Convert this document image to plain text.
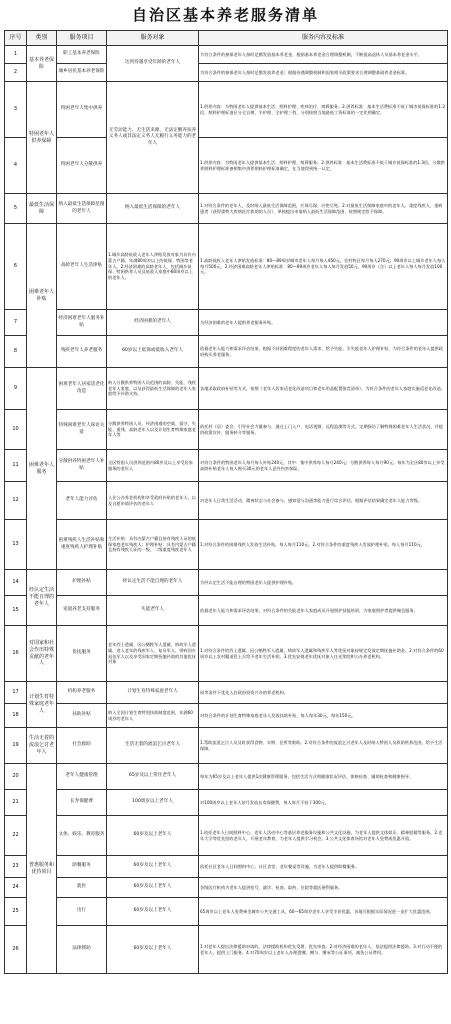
自治区基本养老服务清单
序号	类别	服务项目	服务对象	服务内容及标准
1	基本养老保险	职工基本养老保险	达到待遇享受年龄的老年人	为符合条件的参保老年人按时足额发放基本养老金，根据基本养老金合理调整机制，不断提高退休人员基本养老金水平。
2		城乡居民基本养老保险		为符合条件的参保老年人按时足额发放养老金；根据待遇调整机制和国家相关政策要求合理调整基础养老金标准。
3	特困老年人供养保障	特困老年人集中供养	无劳动能力、无生活来源、无法定赡养扶养义务人或其法定义务人无履行义务能力的老年人	1.供养内容：为特困老年人提供基本生活、照料护理、疾病治疗、殡葬服务。2.供养标准：基本生活费标准不低于城市低保标准的1.3倍，照料护理标准区分全自理、半护理、全护理三档，分别按照当地最低工资标准的一定比例确定。
4		特困老年人分散供养		1.供养内容：为特困老年人提供基本生活、照料护理、殡葬服务。2.供养标准：基本生活费标准不低于城乡低保标准的1.3倍，分散供养照料护理标准参照集中供养照料护理标准确定，在当地得到统一认定。
5	最低生活保障	纳入最低生活保障范围的老年人	纳入最低生活保障的老年人	1.对符合条件的老年人，及时纳入最低生活保障范围，应保尽保、应兜尽兜。2.对最低生活保障家庭中的老年人、重度残疾人、重病患者（获得重特大疾病医疗救助的人员），单独提出申请纳入最低生活保障范围，按照规定给予保障。
6	困难老年人补贴	高龄老年人生活津贴	1.城乡高龄低收入老年人津贴发放对象为具有内蒙古户籍、年满80周岁以上的低保、特困等老年人。2.经济困难的高龄老年人，包括城乡低保、特困供养人员及低收入家庭中80周岁以上的老年人。	1.高龄低收入老年人津贴发放标准：80—89周岁城市老年人每月每人450元，农村牧区每月每人270元；90周岁以上城乡老年人每人每月500元。2.经济困难高龄老年人津贴标准：80—89周岁老年人每人每月发放50元，90周岁（含）以上老年人每人每月发放100元。
7		经济困难老年人服务补贴	经济困难的老年人	为经济困难的老年人提供养老服务补贴。
8		残疾老年人养老服务	60岁以上低保或低收入老年人	依据老年人能力和需求评估结果，根据不同困难程度的老年人需求，给予失能、半失能老年人护理补贴，为符合条件的老年人提供政府购买养老服务。
9	困难老年人服务	困难老年人居家适老化改造	纳入分散供养特困人员范围的高龄、失能、残疾老年人家庭，以及获得最低生活保障的老年人家庭给予补助支持。	各地采取政府补贴等方式，按照《老年人居家适老化改造项目和老年用品配置推荐清单》，为符合条件的老年人家庭实施适老化改造。
10		特殊困难老年人探访关爱	分散供养特困人员，经济困难的空巢、留守、失能、重残、高龄老年人以及计划生育特殊家庭老年人等	依托村（居）委会、引导社会力量参与，通过上门入户、电话视频、远程监测等方式，定期探访了解特殊困难老年人生活状况，并提供政策宣传、服务转介等服务。
11		分散供养特困老年人补贴	全区特困人员供养范围内80岁及以上享受居家服务的老年人	对符合条件的特困老年人每月每人补贴240元，其中：集中供养每人每月240元；分散供养每人每月90元。每年为全区80岁以上享受高龄补贴老年人每人购买30元的老年人意外伤害保险。
12		老年人能力评估	入住公办养老机构和享受政府补贴的老年人、以及自愿申请评估的老年人	对老年人日常生活活动、精神状态与社会参与、感知觉与沟通等能力进行综合评估，根据评估结果确定老年人能力等级。
13		困难残疾人生活补贴和重度残疾人护理补贴	生活补贴：具有内蒙古户籍且持有残疾人证的低保家庭老年残疾人；护理补贴：具有内蒙古户籍且持有残疾人证的一级、二级重度残疾老年人	1.对符合条件的困难残疾人发放生活补贴，每人每月110元。2.对符合条件的重度残疾人发放护理补贴，每人每月110元。
14	经认定生活不能自理的老年人	护理补贴	经认定生活不能自理的老年人	为经认定生活不能自理的特困老年人提供护理补贴。
15		家庭养老支持服务	失能老年人	依据老年人能力和需求评估结果，对符合条件的失能老年人家庭成员开展照护技能培训，为家庭照护者提供喘息服务。
16	对国家和社会作出特殊贡献的老年人	优抚服务	老年烈士遗属、因公牺牲军人遗属、病故军人遗属，进入老年的残疾军人、复员军人、带病回乡退伍军人以及享受国家定期抚恤补助的其他优抚对象	1.对符合条件的烈士遗属、因公牺牲军人遗属、病故军人遗属和残疾军人等优抚对象按规定发放定期抚恤补助金。2.对符合条件的60周岁以上农村籍退役士兵给予老年生活补助。3.优先安排老年优抚对象入住光荣院和公办养老机构。
17	计划生育特殊家庭老年人	机构养老服务	计划生育特殊家庭老年人	同等条件下优先入住政府投资兴办的养老机构。
18		扶助补贴	纳入全国计划生育特别扶助制度范围，年满60周岁的老年人	对符合条件的计划生育特殊家庭老年人发放扶助补贴，每人每年30元，每年150元。
19	生活无着的流浪乞讨老年人	社会救助	生活无着的流浪乞讨老年人	1.帮助流浪乞讨人员及时获得食物、衣物、住所等救助。2.对符合条件的流浪乞讨老年人及时纳入特困人员救助供养范围，给予生活保障。
20	普惠服务和优待项目	老年人健康管理	65岁及以上常住老年人	每年为65岁及以上老年人提供1次健康管理服务，包括生活方式和健康状况评估、体格检查、辅助检查和健康指导。
21		长寿保健费	100周岁以上老年人	对100周岁以上老年人按月发放长寿保健费，每人每月不低于300元。
22		文体、娱乐、教育服务	60岁及以上老年人	1.依托老年人日间照料中心、老年人活动中心等基层养老服务设施和公共文化设施，为老年人提供文体娱乐、精神慰藉等服务。2.老年大学等优先招收老年人，开展老年教育，为老年人提供学习机会。3.公共文化体育场馆对老年人免费或优惠开放。
23		助餐服务	60岁及以上老年人	依托社区老年人日间照料中心、社区食堂、老年餐桌等设施，为老年人提供助餐服务。
24		就医	60岁及以上老年人	各级医疗机构为老年人提供挂号、就诊、检查、取药、住院等就医便利服务。
25		出行	60岁及以上老年人	65周岁以上老年人免费乘坐城市公共交通工具，60—65周岁老年人享受半价优惠，各地可根据实际情况进一步扩大优惠范围。
26		法律援助	60岁及以上老年人	1.对老年人提出法律援助申请的，法律援助机构优先受理、优先审查。2.对经济困难的老年人，依法提供法律援助。3.对行动不便的老年人，提供上门服务。4.对70周岁以上老年人办理遗嘱、赠与、继承等公证事项，减免公证费用。
